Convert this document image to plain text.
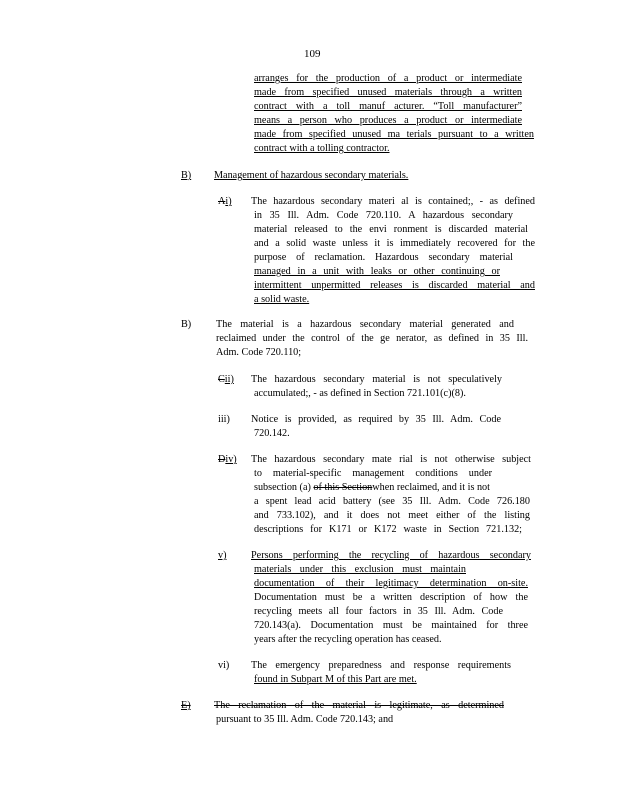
109
arranges for the production of a product or intermediate
made from specified unused materials through a written
contract with a toll manuf acturer. “Toll manufacturer”
means a person who produces a product or intermediate
made from specified unused ma terials pursuant to a written
contract with a tolling contractor.
B) Management of hazardous secondary materials.
Ai) The hazardous secondary materi al is contained;, - as defined
in 35 Ill. Adm. Code 720.110. A hazardous secondary
material released to the envi ronment is discarded material
and a solid waste unless it is immediately recovered for the
purpose of reclamation. Hazardous secondary material
managed in a unit with leaks or other continuing or
intermittent unpermitted releases is discarded material and
a solid waste.
B) The material is a hazardous secondary material generated and
reclaimed under the control of the ge nerator, as defined in 35 Ill.
Adm. Code 720.110;
Cii) The hazardous secondary material is not speculatively
accumulated;, - as defined in Section 721.101(c)(8).
iii) Notice is provided, as required by 35 Ill. Adm. Code
720.142.
Div) The hazardous secondary mate rial is not otherwise subject
to material-specific management conditions under
subsection (a) of this Sectionwhen reclaimed, and it is not
a spent lead acid battery (see 35 Ill. Adm. Code 726.180
and 733.102), and it does not meet either of the listing
descriptions for K171 or K172 waste in Section 721.132;
v) Persons performing the recycling of hazardous secondary
materials under this exclusion must maintain
documentation of their legitimacy determination on-site.
Documentation must be a written description of how the
recycling meets all four factors in 35 Ill. Adm. Code
720.143(a). Documentation must be maintained for three
years after the recycling operation has ceased.
vi) The emergency preparedness and response requirements
found in Subpart M of this Part are met.
E) The reclamation of the material is legitimate, as determined
pursuant to 35 Ill. Adm. Code 720.143; and
